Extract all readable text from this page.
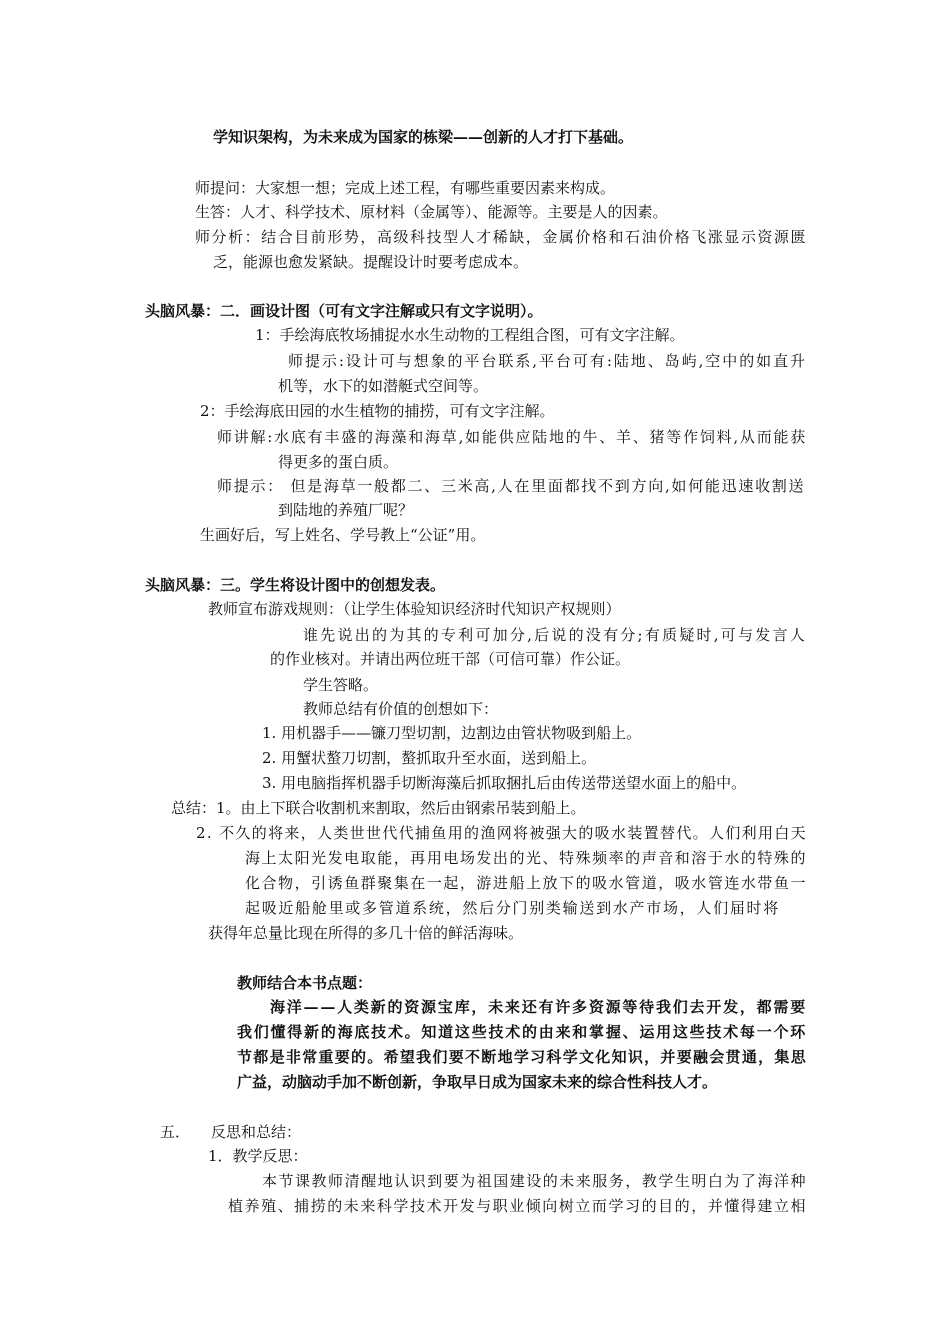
学知识架构，为未来成为国家的栋梁——创新的人才打下基础。
师提问：大家想一想；完成上述工程，有哪些重要因素来构成。
生答：人才、科学技术、原材料（金属等）、能源等。主要是人的因素。
师分析：结合目前形势，高级科技型人才稀缺，金属价格和石油价格飞涨显示资源匮
乏，能源也愈发紧缺。提醒设计时要考虑成本。
头脑风暴：二．画设计图（可有文字注解或只有文字说明）。
1：手绘海底牧场捕捉水水生动物的工程组合图，可有文字注解。
师提示:设计可与想象的平台联系,平台可有:陆地、岛屿,空中的如直升
机等，水下的如潜艇式空间等。
2：手绘海底田园的水生植物的捕捞，可有文字注解。
师讲解:水底有丰盛的海藻和海草,如能供应陆地的牛、羊、猪等作饲料,从而能获
得更多的蛋白质。
师提示： 但是海草一般都二、三米高,人在里面都找不到方向,如何能迅速收割送
到陆地的养殖厂呢？
生画好后，写上姓名、学号教上“公证”用。
头脑风暴：三。学生将设计图中的创想发表。
教师宣布游戏规则：（让学生体验知识经济时代知识产权规则）
谁先说出的为其的专利可加分,后说的没有分;有质疑时,可与发言人
的作业核对。并请出两位班干部（可信可靠）作公证。
学生答略。
教师总结有价值的创想如下：
1. 用机器手——镰刀型切割，边割边由管状物吸到船上。
2. 用蟹状螯刀切割，螯抓取升至水面，送到船上。
3. 用电脑指挥机器手切断海藻后抓取捆扎后由传送带送望水面上的船中。
总结：1。由上下联合收割机来割取，然后由钢索吊装到船上。
2. 不久的将来，人类世世代代捕鱼用的渔网将被强大的吸水装置替代。人们利用白天
海上太阳光发电取能，再用电场发出的光、特殊频率的声音和溶于水的特殊的
化合物，引诱鱼群聚集在一起，游进船上放下的吸水管道，吸水管连水带鱼一
起吸近船舱里或多管道系统，然后分门别类输送到水产市场，人们届时将
获得年总量比现在所得的多几十倍的鲜活海味。
教师结合本书点题：
海洋——人类新的资源宝库，未来还有许多资源等待我们去开发，都需要
我们懂得新的海底技术。知道这些技术的由来和掌握、运用这些技术每一个环
节都是非常重要的。希望我们要不断地学习科学文化知识，并要融会贯通，集思
广益，动脑动手加不断创新，争取早日成为国家未来的综合性科技人才。
五． 反思和总结：
1．教学反思：
本节课教师清醒地认识到要为祖国建设的未来服务，教学生明白为了海洋种
植养殖、捕捞的未来科学技术开发与职业倾向树立而学习的目的，并懂得建立相
